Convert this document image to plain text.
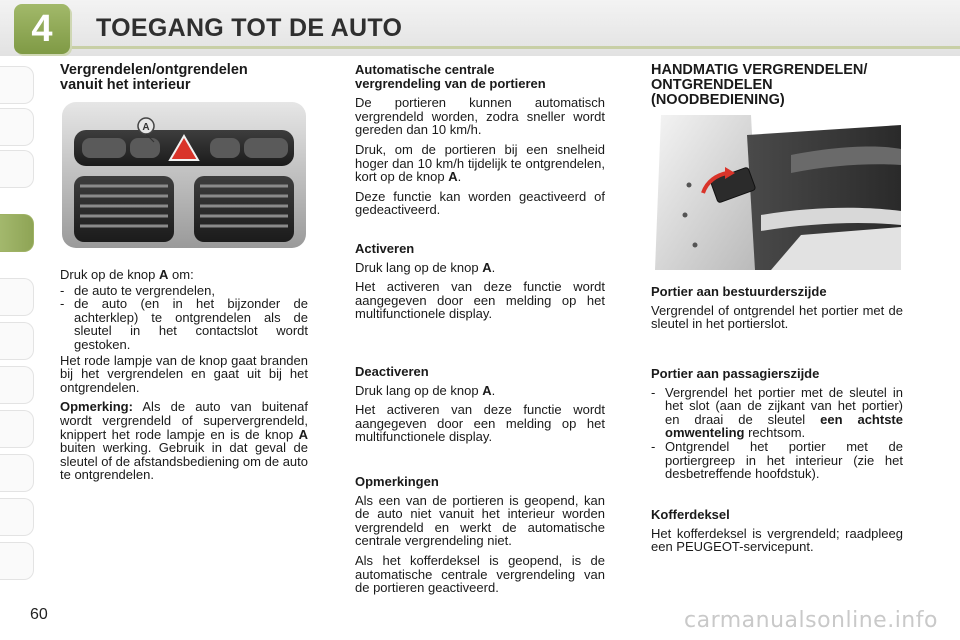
4	TOEGANG TOT DE AUTO
Vergrendelen/ontgrendelen
vanuit het interieur
A

Druk op de knop A om:

- de auto te vergrendelen,
- de auto (en in het bijzonder de achterklep) te ontgrendelen als de sleutel in het contactslot wordt gestoken.

Het rode lampje van de knop gaat branden bij het vergrendelen en gaat uit bij het ontgrendelen.

Opmerking: Als de auto van buitenaf wordt vergrendeld of supervergrendeld, knippert het rode lampje en is de knop A buiten werking. Gebruik in dat geval de sleutel of de afstandsbediening om de auto te ontgrendelen.

Automatische centrale
vergrendeling van de portieren

De portieren kunnen automatisch vergrendeld worden, zodra sneller wordt gereden dan 10 km/h.

Druk, om de portieren bij een snelheid hoger dan 10 km/h tijdelijk te ontgrendelen, kort op de knop A.

Deze functie kan worden geactiveerd of gedeactiveerd.

Activeren

Druk lang op de knop A.

Het activeren van deze functie wordt aangegeven door een melding op het multifunctionele display.

Deactiveren

Druk lang op de knop A.

Het activeren van deze functie wordt aangegeven door een melding op het multifunctionele display.

Opmerkingen

Als een van de portieren is geopend, kan de auto niet vanuit het interieur worden vergrendeld en werkt de automatische centrale vergrendeling niet.

Als het kofferdeksel is geopend, is de automatische centrale vergrendeling van de portieren geactiveerd.

HANDMATIG VERGRENDELEN/
ONTGRENDELEN
(NOODBEDIENING)
Portier aan bestuurderszijde

Vergrendel of ontgrendel het portier met de sleutel in het portierslot.

Portier aan passagierszijde
- Vergrendel het portier met de sleutel in het slot (aan de zijkant van het portier) en draai de sleutel een achtste omwenteling rechtsom.
- Ontgrendel het portier met de portiergreep in het interieur (zie het desbetreffende hoofdstuk).
Kofferdeksel

Het kofferdeksel is vergrendeld; raadpleeg een PEUGEOT-servicepunt.

60	carmanualsonline.info
